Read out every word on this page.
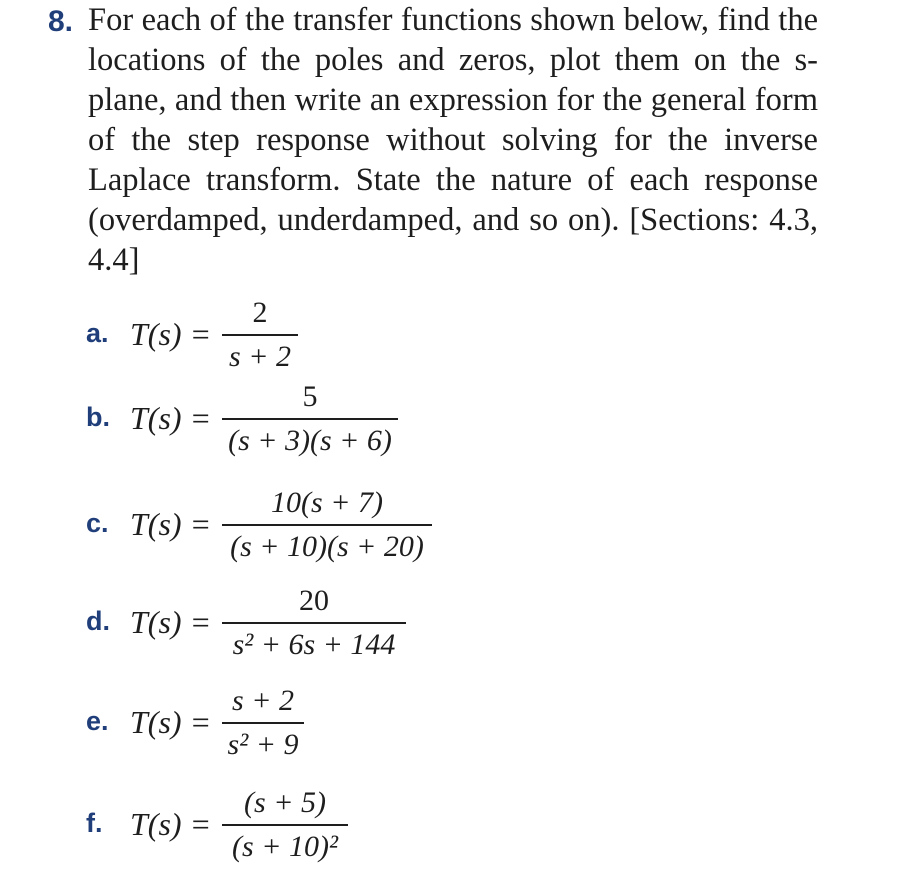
8. For each of the transfer functions shown below, find the locations of the poles and zeros, plot them on the s-plane, and then write an expression for the general form of the step response without solving for the inverse Laplace transform. State the nature of each response (overdamped, underdamped, and so on). [Sections: 4.3, 4.4]

a. T(s) =
2
s + 2
b. T(s) =
5
(s + 3)(s + 6)
c. T(s) =
10(s + 7)
(s + 10)(s + 20)
d. T(s) =
20
s² + 6s + 144
e. T(s) =
s + 2
s² + 9
f. T(s) =
(s + 5)
(s + 10)²
